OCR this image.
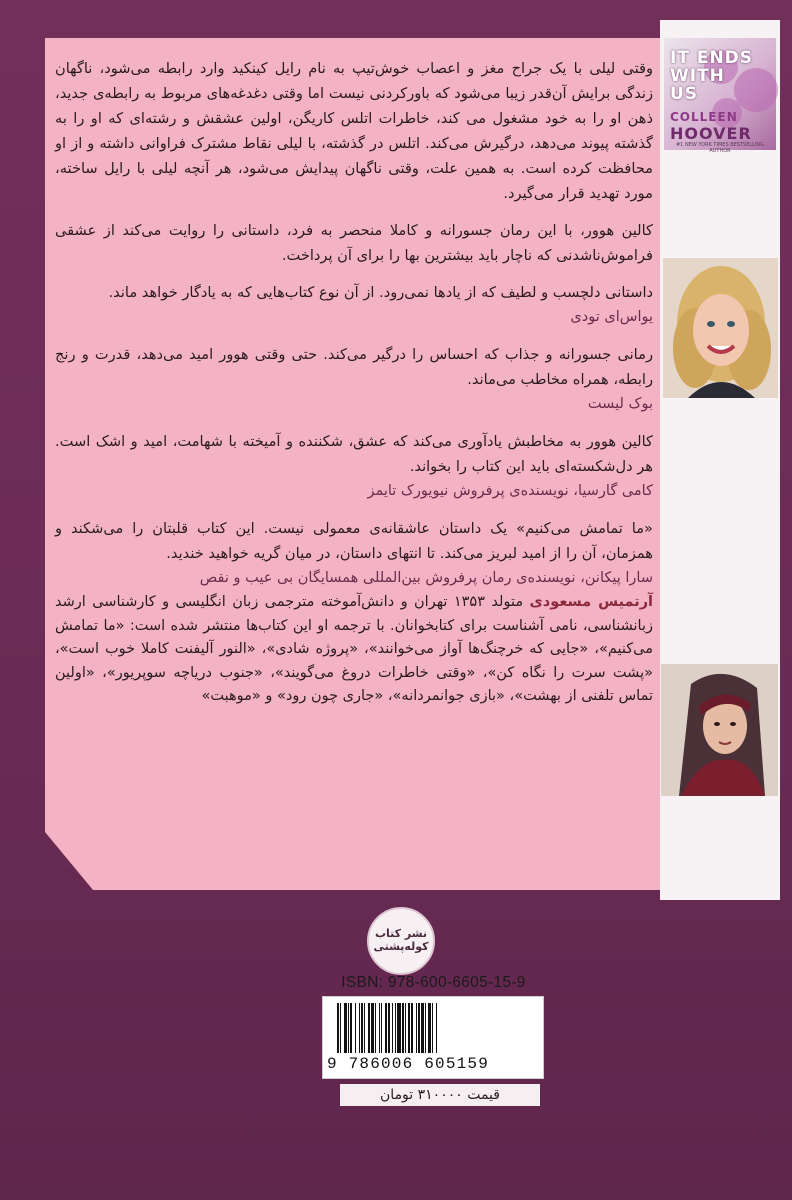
وقتی لیلی با یک جراح مغز و اعصاب خوش‌تیپ به نام رایل کینکید وارد رابطه می‌شود، ناگهان زندگی برایش آن‌قدر زیبا می‌شود که باورکردنی نیست اما وقتی دغدغه‌های مربوط به رابطه‌ی جدید، ذهن او را به خود مشغول می کند، خاطرات اتلس کاریگن، اولین عشقش و رشته‌ای که او را به گذشته پیوند می‌دهد، درگیرش می‌کند. اتلس در گذشته، با لیلی نقاط مشترک فراوانی داشته و از او محافظت کرده است. به همین علت، وقتی ناگهان پیدایش می‌شود، هر آنچه لیلی با رایل ساخته، مورد تهدید قرار می‌گیرد.

کالین هوور، با این رمان جسورانه و کاملا منحصر به فرد، داستانی را روایت می‌کند از عشقی فراموش‌ناشدنی که ناچار باید بیشترین بها را برای آن پرداخت.

داستانی دلچسب و لطیف که از یادها نمی‌رود. از آن نوع کتاب‌هایی که به یادگار خواهد ماند.

یواس‌ای تودی

رمانی جسورانه و جذاب که احساس را درگیر می‌کند. حتی وقتی هوور امید می‌دهد، قدرت و رنج رابطه، همراه مخاطب می‌ماند.

بوک لیست

کالین هوور به مخاطبش یادآوری می‌کند که عشق، شکننده و آمیخته با شهامت، امید و اشک است. هر دل‌شکسته‌ای باید این کتاب را بخواند.

کامی گارسیا، نویسنده‌ی پرفروش نیویورک تایمز

«ما تمامش می‌کنیم» یک داستان عاشقانه‌ی معمولی نیست. این کتاب قلبتان را می‌شکند و همزمان، آن را از امید لبریز می‌کند. تا انتهای داستان، در میان گریه خواهید خندید.

سارا پیکانن، نویسنده‌ی رمان پرفروش بین‌المللی همسایگان بی عیب و نقص

آرتمیس مسعودی متولد ۱۳۵۳ تهران و دانش‌آموخته مترجمی زبان انگلیسی و کارشناسی ارشد زبانشناسی، نامی آشناست برای کتابخوانان. با ترجمه او این کتاب‌ها منتشر شده است: «ما تمامش می‌کنیم»، «جایی که خرچنگ‌ها آواز می‌خوانند»، «پروژه شادی»، «النور آلیفنت کاملا خوب است»، «پشت سرت را نگاه کن»، «وقتی خاطرات دروغ می‌گویند»، «جنوب دریاچه سوپریور»، «اولین تماس تلفنی از بهشت»، «بازی جوانمردانه»، «جاری چون رود» و «موهبت»

IT ENDS
WITH
US
COLLEEN
HOOVER
#1 NEW YORK TIMES BESTSELLING AUTHOR
نشر کتاب کوله‌پشتی
ISBN: 978-600-6605-15-9
9 786006 605159
قیمت ۳۱۰۰۰۰ تومان
